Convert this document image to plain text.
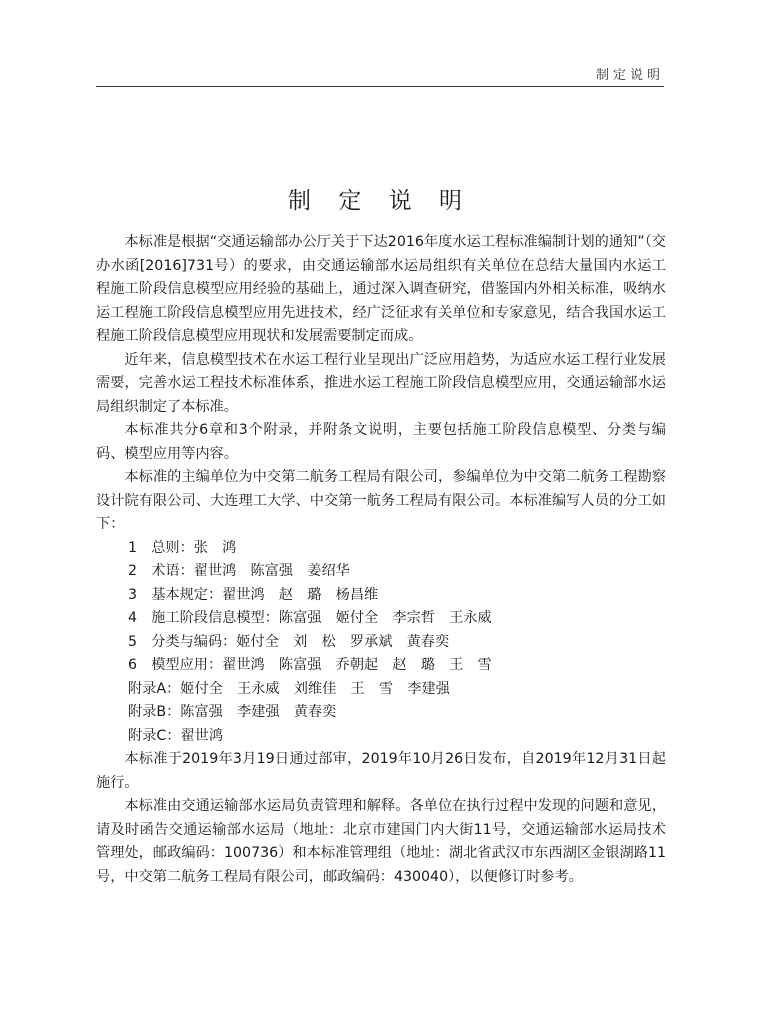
制定说明
制 定 说 明

本标准是根据“交通运输部办公厅关于下达2016年度水运工程标准编制计划的通知”（交办水函[2016]731号）的要求，由交通运输部水运局组织有关单位在总结大量国内水运工程施工阶段信息模型应用经验的基础上，通过深入调查研究，借鉴国内外相关标准，吸纳水运工程施工阶段信息模型应用先进技术，经广泛征求有关单位和专家意见，结合我国水运工程施工阶段信息模型应用现状和发展需要制定而成。

近年来，信息模型技术在水运工程行业呈现出广泛应用趋势，为适应水运工程行业发展需要，完善水运工程技术标准体系，推进水运工程施工阶段信息模型应用，交通运输部水运局组织制定了本标准。

本标准共分6章和3个附录，并附条文说明，主要包括施工阶段信息模型、分类与编码、模型应用等内容。

本标准的主编单位为中交第二航务工程局有限公司，参编单位为中交第二航务工程勘察设计院有限公司、大连理工大学、中交第一航务工程局有限公司。本标准编写人员的分工如下：

1　总则：张　鸿

2　术语：翟世鸿　陈富强　姜绍华

3　基本规定：翟世鸿　赵　璐　杨昌维

4　施工阶段信息模型：陈富强　姬付全　李宗哲　王永威

5　分类与编码：姬付全　刘　松　罗承斌　黄春奕

6　模型应用：翟世鸿　陈富强　乔朝起　赵　璐　王　雪

附录A：姬付全　王永威　刘维佳　王　雪　李建强

附录B：陈富强　李建强　黄春奕

附录C：翟世鸿

本标准于2019年3月19日通过部审，2019年10月26日发布，自2019年12月31日起施行。

本标准由交通运输部水运局负责管理和解释。各单位在执行过程中发现的问题和意见，请及时函告交通运输部水运局（地址：北京市建国门内大街11号，交通运输部水运局技术管理处，邮政编码：100736）和本标准管理组（地址：湖北省武汉市东西湖区金银湖路11号，中交第二航务工程局有限公司，邮政编码：430040），以便修订时参考。
